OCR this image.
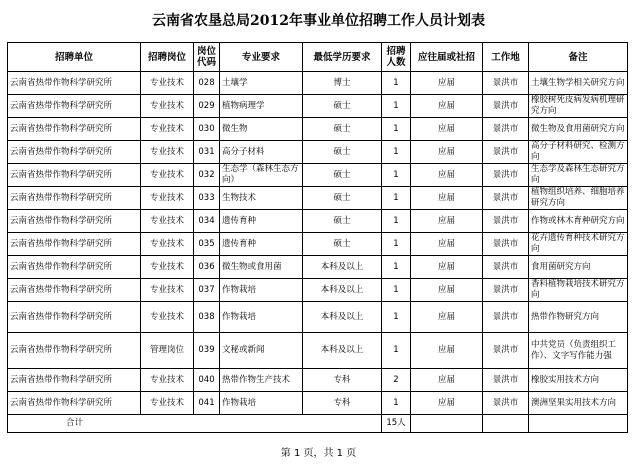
云南省农垦总局2012年事业单位招聘工作人员计划表
招聘单位	招聘岗位	岗位代码	专业要求	最低学历要求	招聘人数	应往届或社招	工作地	备注
云南省热带作物科学研究所	专业技术	028	土壤学	博士	1	应届	景洪市	土壤生物学相关研究方向
云南省热带作物科学研究所	专业技术	029	植物病理学	硕士	1	应届	景洪市	橡胶树死皮病发病机理研究方向
云南省热带作物科学研究所	专业技术	030	微生物	硕士	1	应届	景洪市	微生物及食用菌研究方向
云南省热带作物科学研究所	专业技术	031	高分子材料	硕士	1	应届	景洪市	高分子材料研究、检测方向
云南省热带作物科学研究所	专业技术	032	生态学（森林生态方向）	硕士	1	应届	景洪市	生态学及森林生态研究方向
云南省热带作物科学研究所	专业技术	033	生物技术	硕士	1	应届	景洪市	植物组织培养、细胞培养研究方向
云南省热带作物科学研究所	专业技术	034	遗传育种	硕士	1	应届	景洪市	作物或林木育种研究方向
云南省热带作物科学研究所	专业技术	035	遗传育种	硕士	1	应届	景洪市	花卉遗传育种技术研究方向
云南省热带作物科学研究所	专业技术	036	微生物或食用菌	本科及以上	1	应届	景洪市	食用菌研究方向
云南省热带作物科学研究所	专业技术	037	作物栽培	本科及以上	1	应届	景洪市	香料植物栽培技术研究方向
云南省热带作物科学研究所	专业技术	038	作物栽培	本科及以上	1	应届	景洪市	热带作物研究方向
云南省热带作物科学研究所	管理岗位	039	文秘或新闻	本科及以上	1	应届	景洪市	中共党员（负责组织工作）、文字写作能力强
云南省热带作物科学研究所	专业技术	040	热带作物生产技术	专科	2	应届	景洪市	橡胶实用技术方向
云南省热带作物科学研究所	专业技术	041	作物栽培	专科	1	应届	景洪市	澳洲坚果实用技术方向
合计					15人			
第 1 页，共 1 页
